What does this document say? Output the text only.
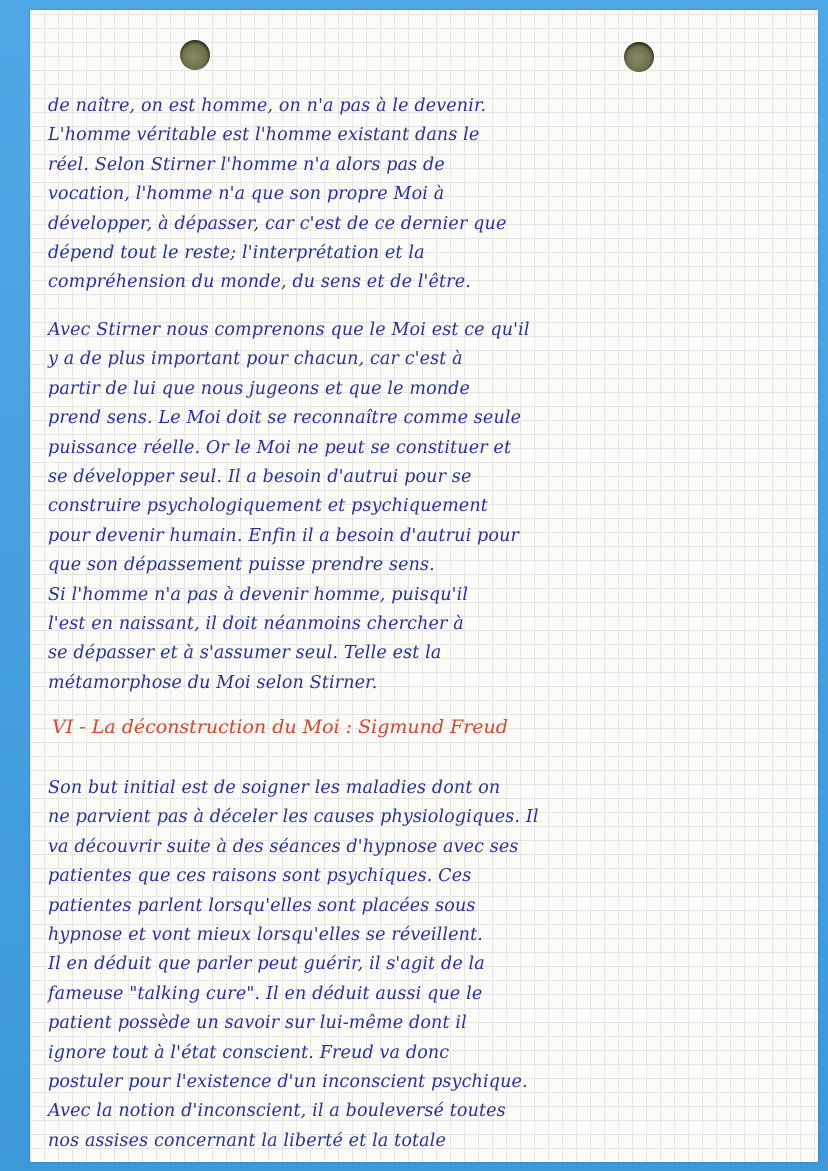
de naître, on est homme, on n'a pas à le devenir.
L'homme véritable est l'homme existant dans le
réel. Selon Stirner l'homme n'a alors pas de
vocation, l'homme n'a que son propre Moi à
développer, à dépasser, car c'est de ce dernier que
dépend tout le reste; l'interprétation et la
compréhension du monde, du sens et de l'être.
Avec Stirner nous comprenons que le Moi est ce qu'il
y a de plus important pour chacun, car c'est à
partir de lui que nous jugeons et que le monde
prend sens. Le Moi doit se reconnaître comme seule
puissance réelle. Or le Moi ne peut se constituer et
se développer seul. Il a besoin d'autrui pour se
construire psychologiquement et psychiquement
pour devenir humain. Enfin il a besoin d'autrui pour
que son dépassement puisse prendre sens.
Si l'homme n'a pas à devenir homme, puisqu'il
l'est en naissant, il doit néanmoins chercher à
se dépasser et à s'assumer seul. Telle est la
métamorphose du Moi selon Stirner.
VI - La déconstruction du Moi : Sigmund Freud
Son but initial est de soigner les maladies dont on
ne parvient pas à déceler les causes physiologiques. Il
va découvrir suite à des séances d'hypnose avec ses
patientes que ces raisons sont psychiques. Ces
patientes parlent lorsqu'elles sont placées sous
hypnose et vont mieux lorsqu'elles se réveillent.
Il en déduit que parler peut guérir, il s'agit de la
fameuse "talking cure". Il en déduit aussi que le
patient possède un savoir sur lui-même dont il
ignore tout à l'état conscient. Freud va donc
postuler pour l'existence d'un inconscient psychique.
Avec la notion d'inconscient, il a bouleversé toutes
nos assises concernant la liberté et la totale
